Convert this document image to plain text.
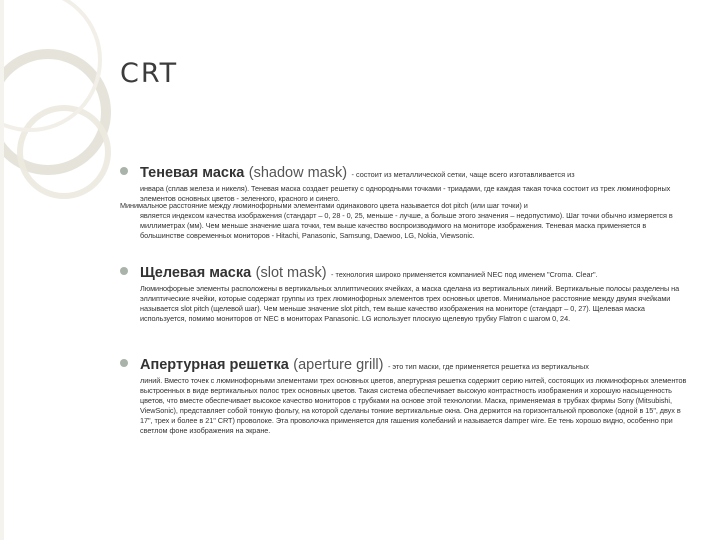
CRT
Теневая маска (shadow mask) - состоит из металлической сетки, чаще всего изготавливается из
инвара (сплав железа и никеля). Теневая маска создает решетку с однородными точками - триадами, где каждая такая точка состоит из трех люминофорных элементов основных цветов - зеленного, красного и синего.
Минимальное расстояние между люминофорными элементами одинакового цвета называется dot pitch (или шаг точки) и
является индексом качества изображения (стандарт – 0, 28 - 0, 25, меньше - лучше, а больше этого значения – недопустимо). Шаг точки обычно измеряется в миллиметрах (мм). Чем меньше значение шага точки, тем выше качество воспроизводимого на мониторе изображения. Теневая маска применяется в большинстве современных мониторов - Hitachi, Panasonic, Samsung, Daewoo, LG, Nokia, Viewsonic.
Щелевая маска (slot mask) - технология широко применяется компанией NEC под именем "Croma. Clear".
Люминофорные элементы расположены в вертикальных эллиптических ячейках, а маска сделана из вертикальных линий. Вертикальные полосы разделены на эллиптические ячейки, которые содержат группы из трех люминофорных элементов трех основных цветов. Минимальное расстояние между двумя ячейками называется slot pitch (щелевой шаг). Чем меньше значение slot pitch, тем выше качество изображения на мониторе (стандарт – 0, 27). Щелевая маска используется, помимо мониторов от NEC в мониторах Panasonic. LG использует плоскую щелевую трубку Flatron с шагом 0, 24.
Апертурная решетка (aperture grill) - это тип маски, где применяется решетка из вертикальных
линий. Вместо точек с люминофорными элементами трех основных цветов, апертурная решетка содержит серию нитей, состоящих из люминофорных элементов выстроенных в виде вертикальных полос трех основных цветов. Такая система обеспечивает высокую контрастность изображения и хорошую насыщенность цветов, что вместе обеспечивает высокое качество мониторов с трубками на основе этой технологии. Маска, применяемая в трубках фирмы Sony (Mitsubishi, ViewSonic), представляет собой тонкую фольгу, на которой сделаны тонкие вертикальные окна. Она держится на горизонтальной проволоке (одной в 15", двух в 17", трех и более в 21" CRT) проволоке. Эта проволочка применяется для гашения колебаний и называется damper wire. Ее тень хорошо видно, особенно при светлом фоне изображения на экране.
